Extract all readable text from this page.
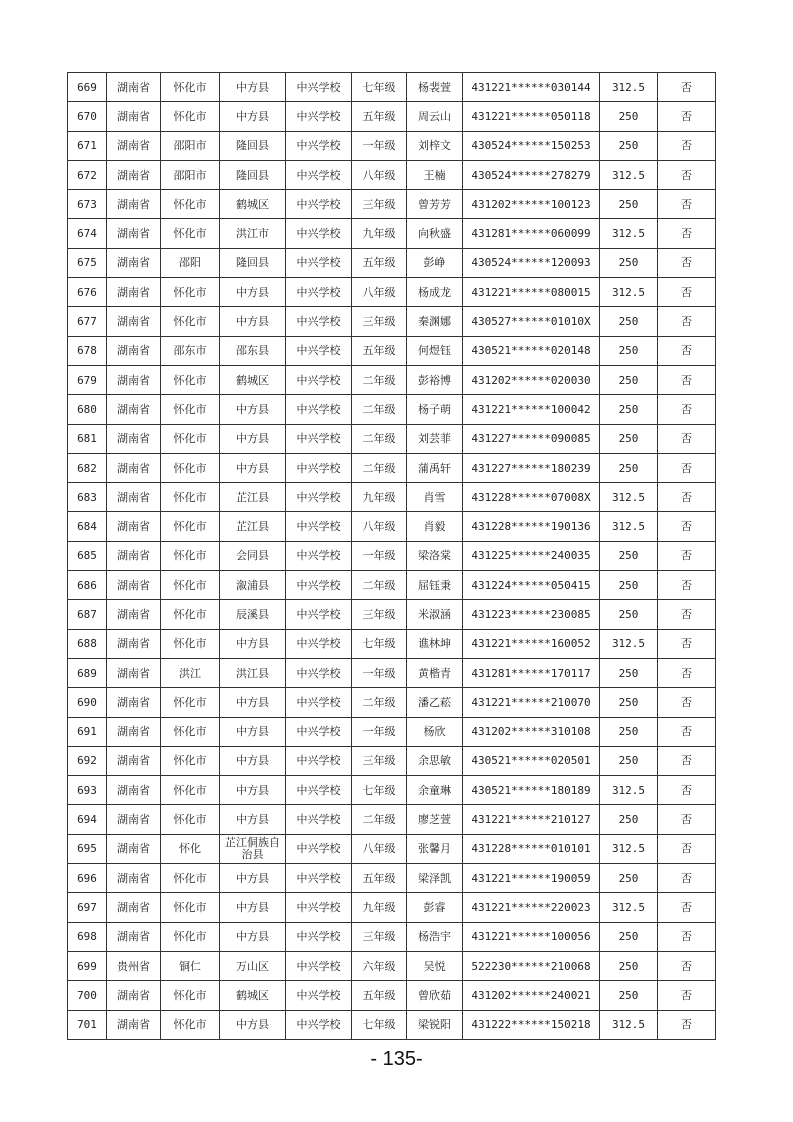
669	湖南省	怀化市	中方县	中兴学校	七年级	杨裴萱	431221******030144	312.5	否
670	湖南省	怀化市	中方县	中兴学校	五年级	周云山	431221******050118	250	否
671	湖南省	邵阳市	隆回县	中兴学校	一年级	刘梓文	430524******150253	250	否
672	湖南省	邵阳市	隆回县	中兴学校	八年级	王楠	430524******278279	312.5	否
673	湖南省	怀化市	鹤城区	中兴学校	三年级	曾芳芳	431202******100123	250	否
674	湖南省	怀化市	洪江市	中兴学校	九年级	向秋盛	431281******060099	312.5	否
675	湖南省	邵阳	隆回县	中兴学校	五年级	彭峥	430524******120093	250	否
676	湖南省	怀化市	中方县	中兴学校	八年级	杨成龙	431221******080015	312.5	否
677	湖南省	怀化市	中方县	中兴学校	三年级	秦渊娜	430527******01010X	250	否
678	湖南省	邵东市	邵东县	中兴学校	五年级	何煜钰	430521******020148	250	否
679	湖南省	怀化市	鹤城区	中兴学校	二年级	彭裕博	431202******020030	250	否
680	湖南省	怀化市	中方县	中兴学校	二年级	杨子萌	431221******100042	250	否
681	湖南省	怀化市	中方县	中兴学校	二年级	刘芸菲	431227******090085	250	否
682	湖南省	怀化市	中方县	中兴学校	二年级	蒲禹轩	431227******180239	250	否
683	湖南省	怀化市	芷江县	中兴学校	九年级	肖雪	431228******07008X	312.5	否
684	湖南省	怀化市	芷江县	中兴学校	八年级	肖毅	431228******190136	312.5	否
685	湖南省	怀化市	会同县	中兴学校	一年级	梁洛棠	431225******240035	250	否
686	湖南省	怀化市	溆浦县	中兴学校	二年级	屈钰秉	431224******050415	250	否
687	湖南省	怀化市	辰溪县	中兴学校	三年级	米淑涵	431223******230085	250	否
688	湖南省	怀化市	中方县	中兴学校	七年级	谯林坤	431221******160052	312.5	否
689	湖南省	洪江	洪江县	中兴学校	一年级	黄楷青	431281******170117	250	否
690	湖南省	怀化市	中方县	中兴学校	二年级	潘乙菘	431221******210070	250	否
691	湖南省	怀化市	中方县	中兴学校	一年级	杨欣	431202******310108	250	否
692	湖南省	怀化市	中方县	中兴学校	三年级	余思敏	430521******020501	250	否
693	湖南省	怀化市	中方县	中兴学校	七年级	余童琳	430521******180189	312.5	否
694	湖南省	怀化市	中方县	中兴学校	二年级	廖芝萱	431221******210127	250	否
695	湖南省	怀化	芷江侗族自治县	中兴学校	八年级	张馨月	431228******010101	312.5	否
696	湖南省	怀化市	中方县	中兴学校	五年级	梁泽凯	431221******190059	250	否
697	湖南省	怀化市	中方县	中兴学校	九年级	彭睿	431221******220023	312.5	否
698	湖南省	怀化市	中方县	中兴学校	三年级	杨浩宇	431221******100056	250	否
699	贵州省	铜仁	万山区	中兴学校	六年级	吴悦	522230******210068	250	否
700	湖南省	怀化市	鹤城区	中兴学校	五年级	曾欣茹	431202******240021	250	否
701	湖南省	怀化市	中方县	中兴学校	七年级	梁锐阳	431222******150218	312.5	否
- 135-
